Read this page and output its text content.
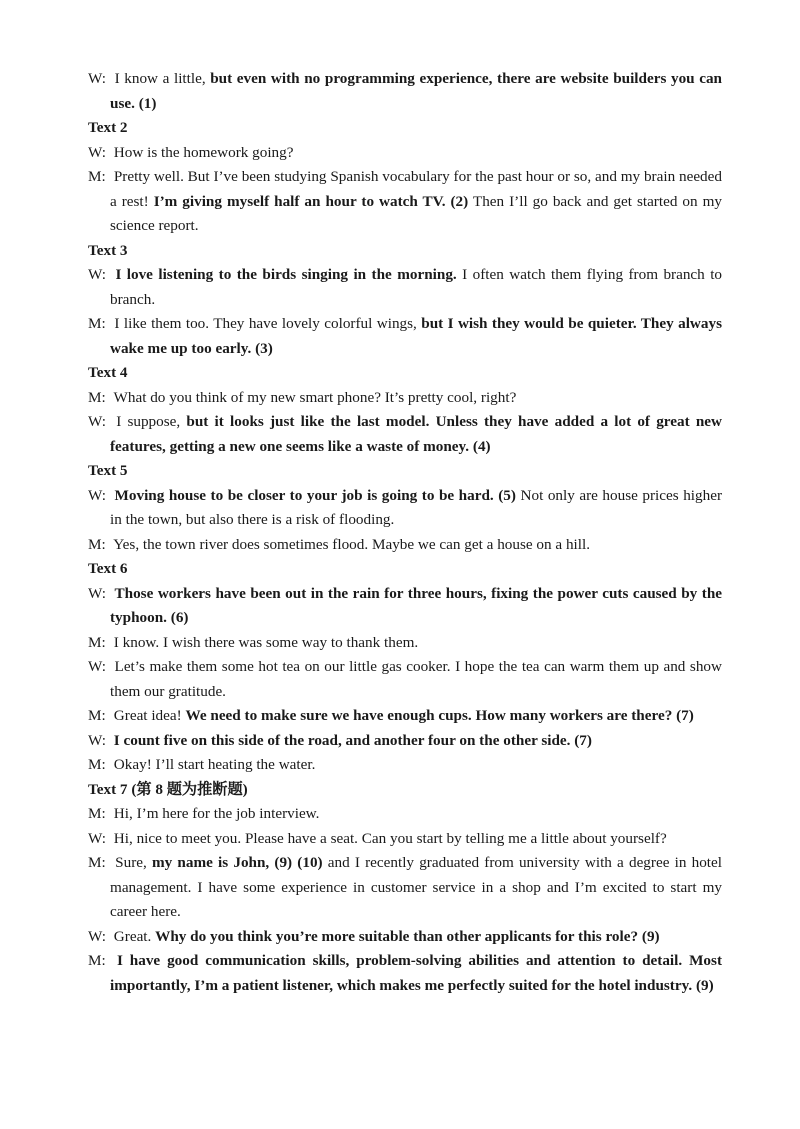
W: I know a little, but even with no programming experience, there are website builders you can use. (1)
Text 2
W: How is the homework going?
M: Pretty well. But I’ve been studying Spanish vocabulary for the past hour or so, and my brain needed a rest! I’m giving myself half an hour to watch TV. (2) Then I’ll go back and get started on my science report.
Text 3
W: I love listening to the birds singing in the morning. I often watch them flying from branch to branch.
M: I like them too. They have lovely colorful wings, but I wish they would be quieter. They always wake me up too early. (3)
Text 4
M: What do you think of my new smart phone? It’s pretty cool, right?
W: I suppose, but it looks just like the last model. Unless they have added a lot of great new features, getting a new one seems like a waste of money. (4)
Text 5
W: Moving house to be closer to your job is going to be hard. (5) Not only are house prices higher in the town, but also there is a risk of flooding.
M: Yes, the town river does sometimes flood. Maybe we can get a house on a hill.
Text 6
W: Those workers have been out in the rain for three hours, fixing the power cuts caused by the typhoon. (6)
M: I know. I wish there was some way to thank them.
W: Let’s make them some hot tea on our little gas cooker. I hope the tea can warm them up and show them our gratitude.
M: Great idea! We need to make sure we have enough cups. How many workers are there? (7)
W: I count five on this side of the road, and another four on the other side. (7)
M: Okay! I’ll start heating the water.
Text 7 (第 8 题为推断题)
M: Hi, I’m here for the job interview.
W: Hi, nice to meet you. Please have a seat. Can you start by telling me a little about yourself?
M: Sure, my name is John, (9) (10) and I recently graduated from university with a degree in hotel management. I have some experience in customer service in a shop and I’m excited to start my career here.
W: Great. Why do you think you’re more suitable than other applicants for this role? (9)
M: I have good communication skills, problem-solving abilities and attention to detail. Most importantly, I’m a patient listener, which makes me perfectly suited for the hotel industry. (9)
